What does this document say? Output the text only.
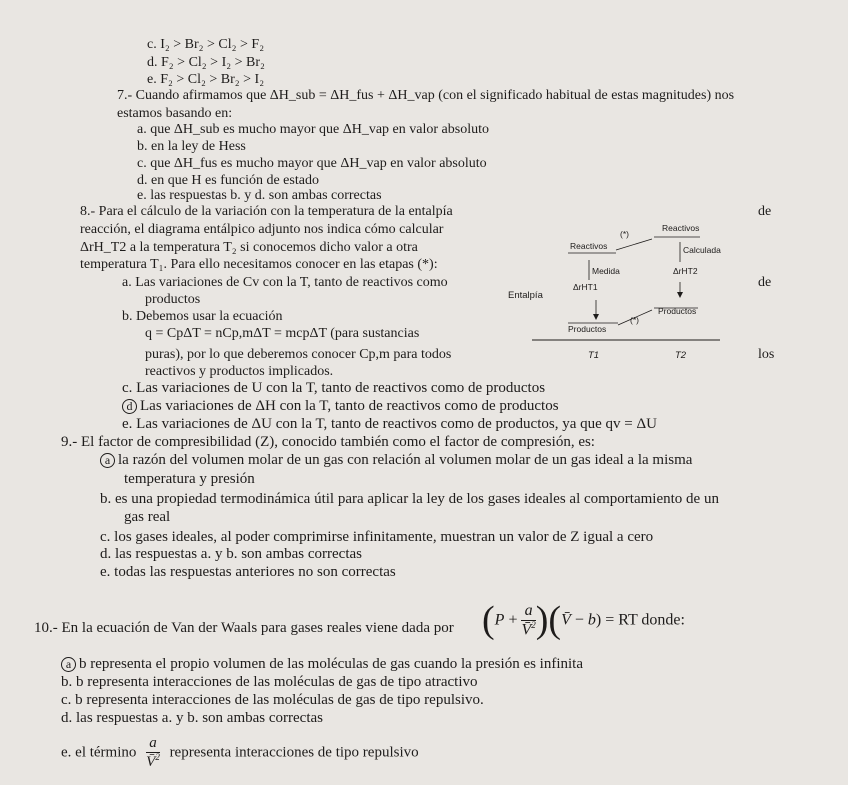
c. I₂ > Br₂ > Cl₂ > F₂
d. F₂ > Cl₂ > I₂ > Br₂
e. F₂ > Cl₂ > Br₂ > I₂
7.- Cuando afirmamos que ΔH_sub = ΔH_fus + ΔH_vap (con el significado habitual de estas magnitudes) nos
estamos basando en:
a. que ΔH_sub es mucho mayor que ΔH_vap en valor absoluto
b. en la ley de Hess
c. que ΔH_fus es mucho mayor que ΔH_vap en valor absoluto
d. en que H es función de estado
e. las respuestas b. y d. son ambas correctas
8.- Para el cálculo de la variación con la temperatura de la entalpía	de
reacción, el diagrama entálpico adjunto nos indica cómo calcular
ΔrH_T2 a la temperatura T₂ si conocemos dicho valor a otra
temperatura T₁. Para ello necesitamos conocer en las etapas (*):
a. Las variaciones de Cv con la T, tanto de reactivos como	de
productos
b. Debemos usar la ecuación
q = CpΔT = nCp,mΔT = mcpΔT (para sustancias
puras), por lo que deberemos conocer Cp,m para todos	los
reactivos y productos implicados.
Reactivos
(*)
Reactivos	Calculada
Medida	ΔrHT2
Entalpía
ΔrHT1
Productos
(*)
Productos
T1	T2
c. Las variaciones de U con la T, tanto de reactivos como de productos
d Las variaciones de ΔH con la T, tanto de reactivos como de productos
e. Las variaciones de ΔU con la T, tanto de reactivos como de productos, ya que qv = ΔU
9.- El factor de compresibilidad (Z), conocido también como el factor de compresión, es:
a la razón del volumen molar de un gas con relación al volumen molar de un gas ideal a la misma
temperatura y presión
b. es una propiedad termodinámica útil para aplicar la ley de los gases ideales al comportamiento de un
gas real
c. los gases ideales, al poder comprimirse infinitamente, muestran un valor de Z igual a cero
d. las respuestas a. y b. son ambas correctas
e. todas las respuestas anteriores no son correctas
10.- En la ecuación de Van der Waals para gases reales viene dada por ($P + \frac{a}{V̄^2}$ )(V̄ − b) = RT donde:
a b representa el propio volumen de las moléculas de gas cuando la presión es infinita
b. b representa interacciones de las moléculas de gas de tipo atractivo
c. b representa interacciones de las moléculas de gas de tipo repulsivo.
d. las respuestas a. y b. son ambas correctas
e. el término $\frac{a}{V̄^2}$ representa interacciones de tipo repulsivo
